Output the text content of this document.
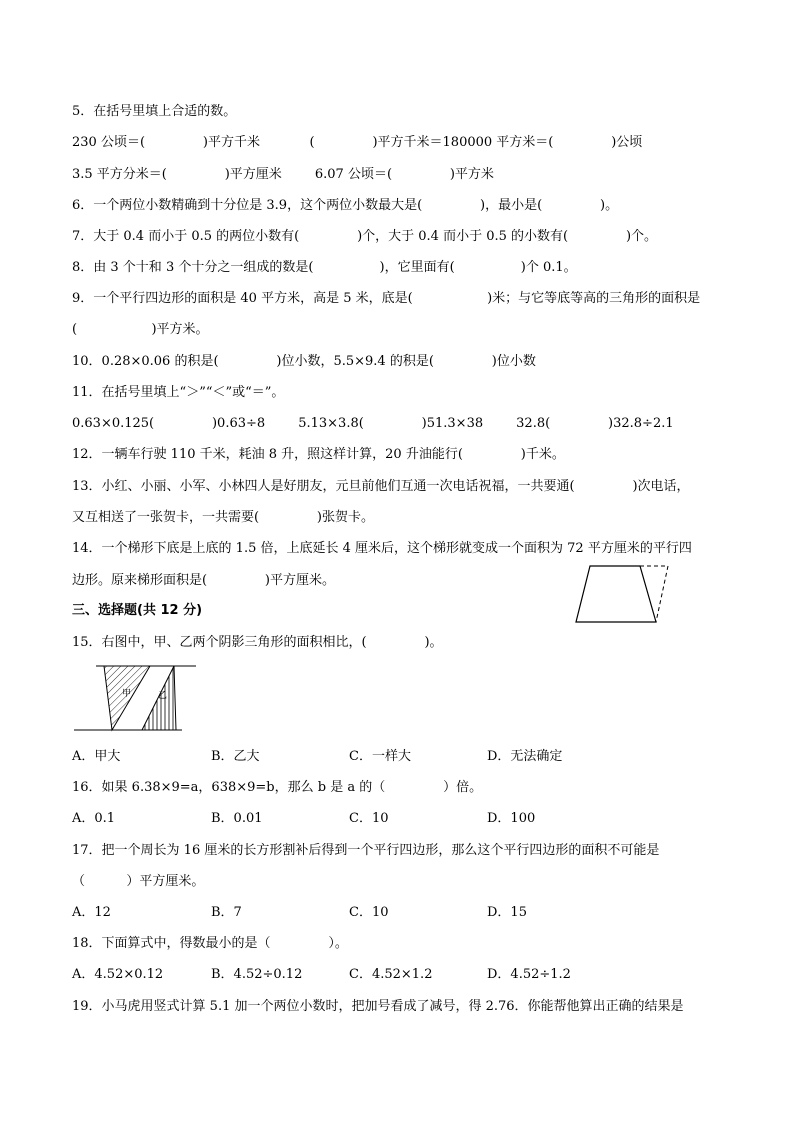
5．在括号里填上合适的数。
230 公顷＝(              )平方千米            (              )平方千米＝180000 平方米＝(              )公顷
3.5 平方分米＝(              )平方厘米        6.07 公顷＝(              )平方米
6．一个两位小数精确到十分位是 3.9，这个两位小数最大是(              )，最小是(              )。
7．大于 0.4 而小于 0.5 的两位小数有(              )个，大于 0.4 而小于 0.5 的小数有(              )个。
8．由 3 个十和 3 个十分之一组成的数是(                )，它里面有(                )个 0.1。
9．一个平行四边形的面积是 40 平方米，高是 5 米，底是(                  )米；与它等底等高的三角形的面积是
(                  )平方米。
10．0.28×0.06 的积是(              )位小数，5.5×9.4 的积是(              )位小数
11．在括号里填上“＞”“＜”或“＝”。
0.63×0.125(              )0.63÷8        5.13×3.8(              )51.3×38        32.8(              )32.8÷2.1
12．一辆车行驶 110 千米，耗油 8 升，照这样计算，20 升油能行(              )千米。
13．小红、小丽、小军、小林四人是好朋友，元旦前他们互通一次电话祝福，一共要通(              )次电话，
又互相送了一张贺卡，一共需要(              )张贺卡。
14．一个梯形下底是上底的 1.5 倍，上底延长 4 厘米后，这个梯形就变成一个面积为 72 平方厘米的平行四
边形。原来梯形面积是(              )平方厘米。
三、选择题(共 12 分)
15．右图中，甲、乙两个阴影三角形的面积相比，(              )。
甲	乙
A．甲大	B．乙大	C．一样大	D．无法确定
16．如果 6.38×9=a，638×9=b，那么 b 是 a 的（              ）倍。
A．0.1	B．0.01	C．10	D．100
17．把一个周长为 16 厘米的长方形割补后得到一个平行四边形，那么这个平行四边形的面积不可能是
（          ）平方厘米。
A．12	B．7	C．10	D．15
18．下面算式中，得数最小的是（              ）。
A．4.52×0.12	B．4.52÷0.12	C．4.52×1.2	D．4.52÷1.2
19．小马虎用竖式计算 5.1 加一个两位小数时，把加号看成了减号，得 2.76．你能帮他算出正确的结果是
